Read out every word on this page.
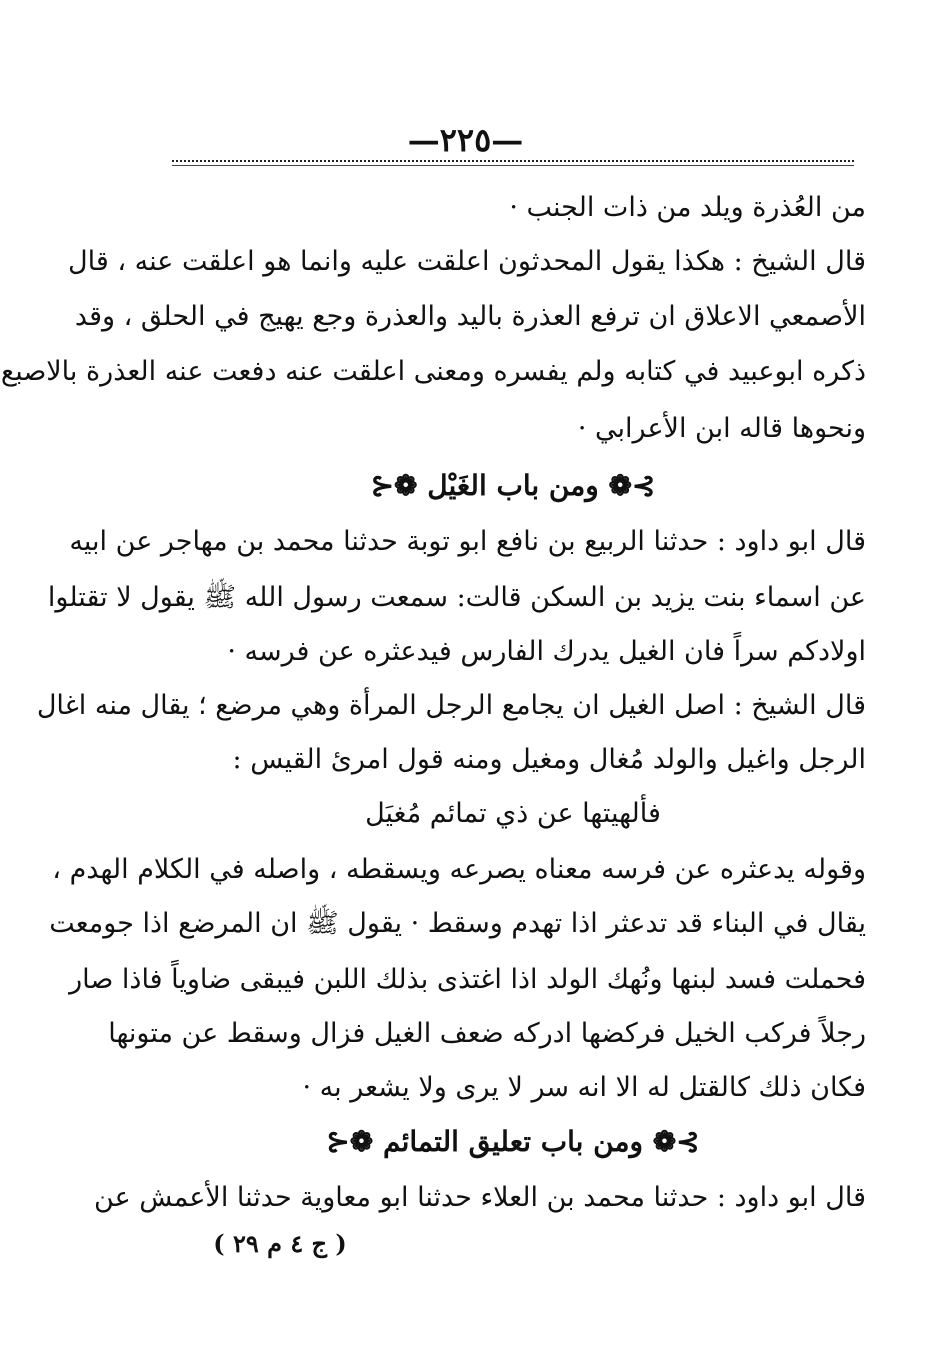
—٢٢٥—
من العُذرة ويلد من ذات الجنب ·
قال الشيخ : هكذا يقول المحدثون اعلقت عليه وانما هو اعلقت عنه ، قال
الأصمعي الاعلاق ان ترفع العذرة باليد والعذرة وجع يهيج في الحلق ، وقد
ذكره ابوعبيد في كتابه ولم يفسره ومعنى اعلقت عنه دفعت عنه العذرة بالاصبع
ونحوها قاله ابن الأعرابي ·
⊱❁ ومن باب الغَيْل ❁⊰
قال ابو داود : حدثنا الربيع بن نافع ابو توبة حدثنا محمد بن مهاجر عن ابيه
عن اسماء بنت يزيد بن السكن قالت: سمعت رسول الله ﷺ يقول لا تقتلوا
اولادكم سراً فان الغيل يدرك الفارس فيدعثره عن فرسه ·
قال الشيخ : اصل الغيل ان يجامع الرجل المرأة وهي مرضع ؛ يقال منه اغال
الرجل واغيل والولد مُغال ومغيل ومنه قول امرئ القيس :
فألهيتها عن ذي تمائم مُغيَل
وقوله يدعثره عن فرسه معناه يصرعه ويسقطه ، واصله في الكلام الهدم ،
يقال في البناء قد تدعثر اذا تهدم وسقط · يقول ﷺ ان المرضع اذا جومعت
فحملت فسد لبنها ونُهك الولد اذا اغتذى بذلك اللبن فيبقى ضاوياً فاذا صار
رجلاً فركب الخيل فركضها ادركه ضعف الغيل فزال وسقط عن متونها
فكان ذلك كالقتل له الا انه سر لا يرى ولا يشعر به ·
⊱❁ ومن باب تعليق التمائم ❁⊰
قال ابو داود : حدثنا محمد بن العلاء حدثنا ابو معاوية حدثنا الأعمش عن
( ج ٤ م ٢٩ )
